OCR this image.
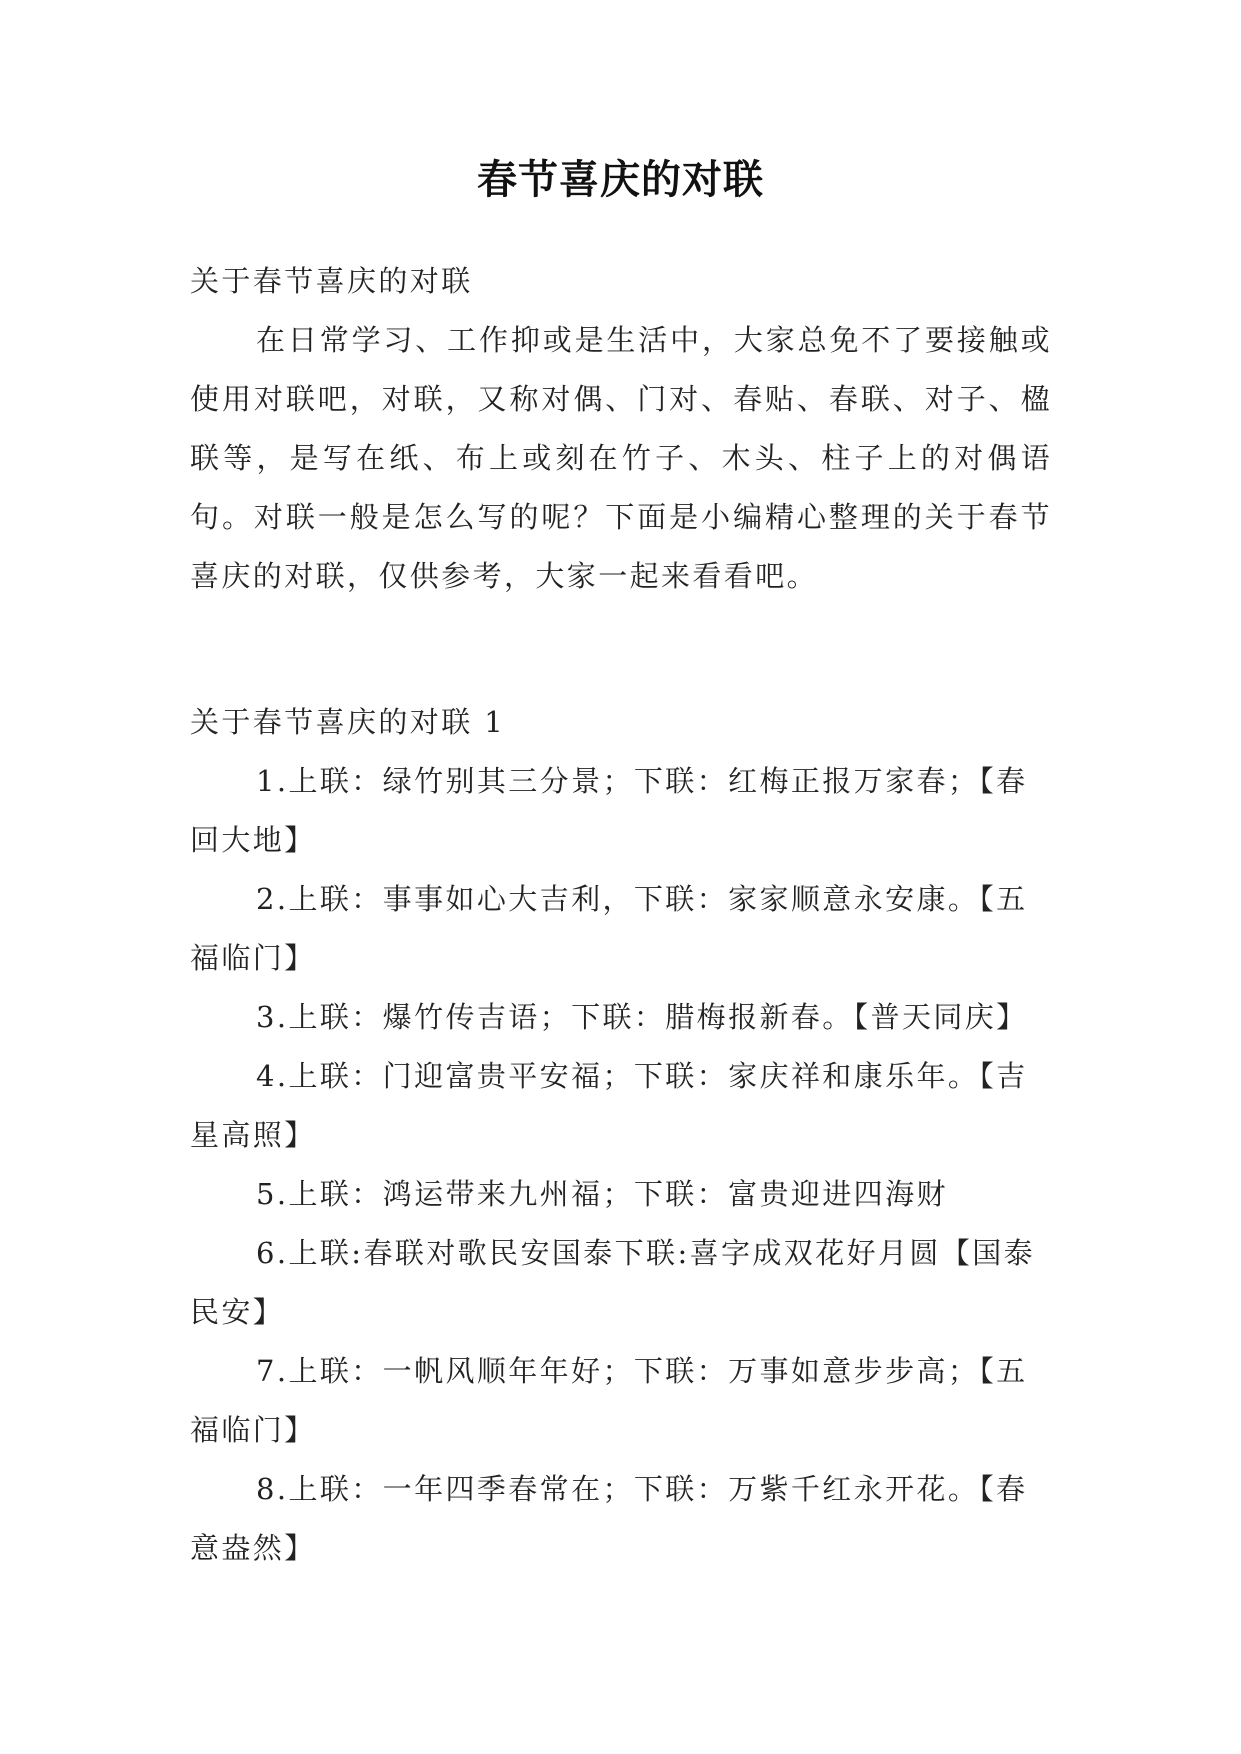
春节喜庆的对联
关于春节喜庆的对联

在日常学习、工作抑或是生活中，大家总免不了要接触或使用对联吧，对联，又称对偶、门对、春贴、春联、对子、楹联等，是写在纸、布上或刻在竹子、木头、柱子上的对偶语句。对联一般是怎么写的呢？下面是小编精心整理的关于春节喜庆的对联，仅供参考，大家一起来看看吧。

关于春节喜庆的对联 1
1.上联：绿竹别其三分景；下联：红梅正报万家春；【春回大地】
2.上联：事事如心大吉利，下联：家家顺意永安康。【五福临门】
3.上联：爆竹传吉语；下联：腊梅报新春。【普天同庆】
4.上联：门迎富贵平安福；下联：家庆祥和康乐年。【吉星高照】
5.上联：鸿运带来九州福；下联：富贵迎进四海财
6.上联:春联对歌民安国泰下联:喜字成双花好月圆【国泰民安】
7.上联：一帆风顺年年好；下联：万事如意步步高；【五福临门】
8.上联：一年四季春常在；下联：万紫千红永开花。【春意盎然】
